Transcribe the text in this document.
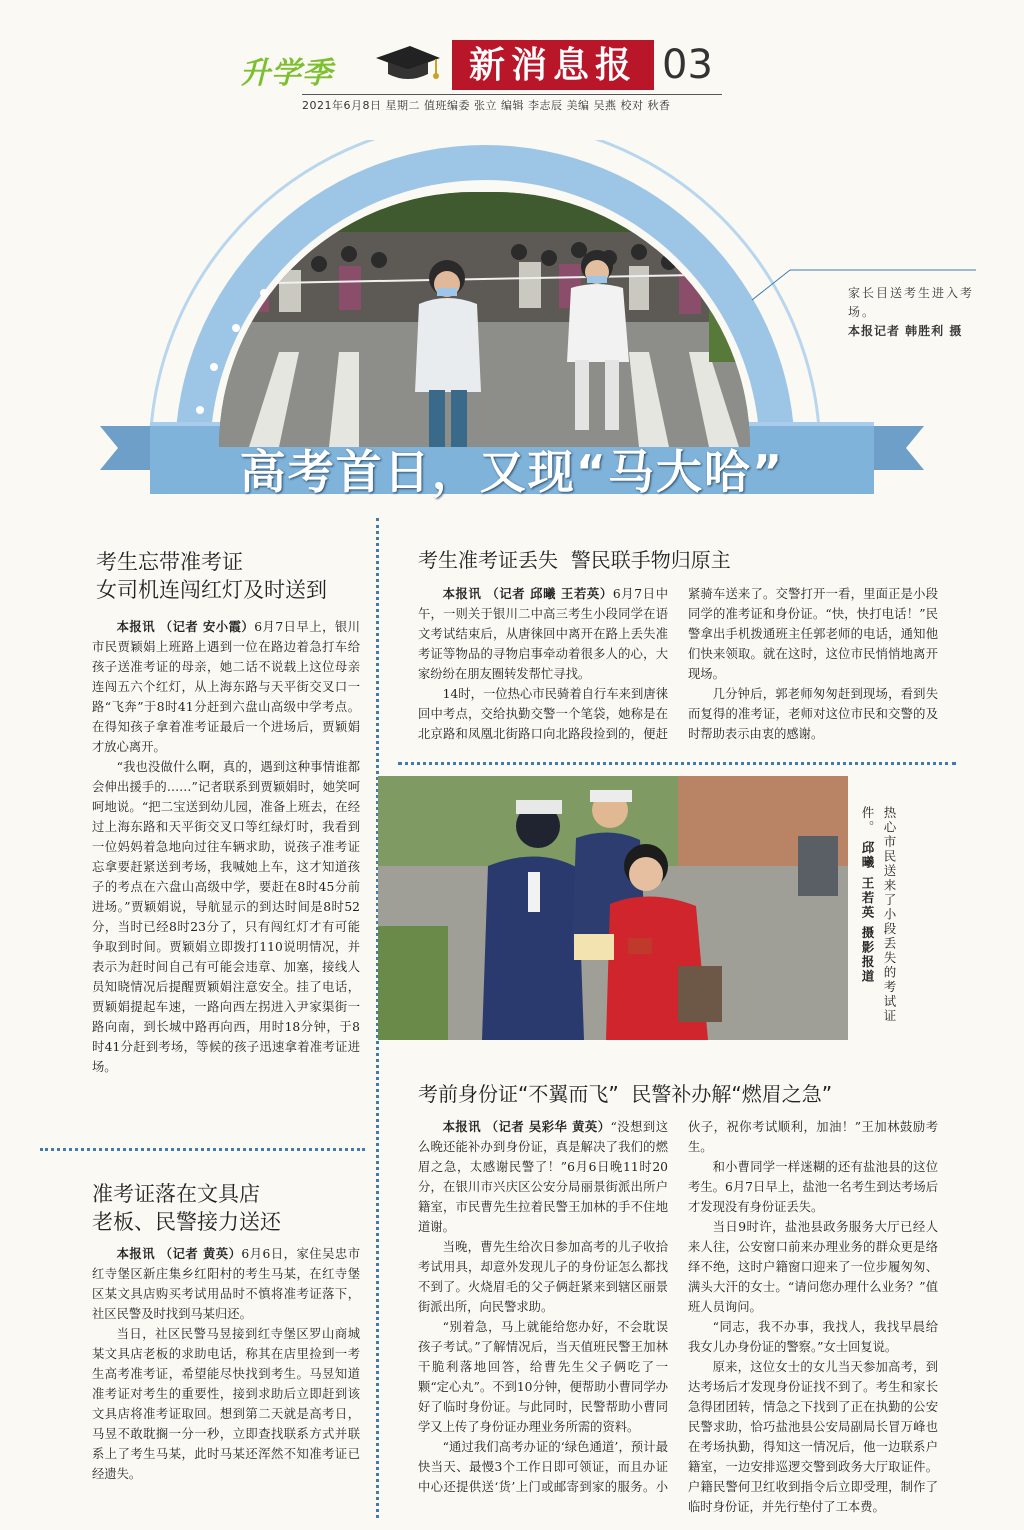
升学季	新消息报 03
2021年6月8日 星期二 值班编委 张立 编辑 李志辰 美编 吴燕 校对 秋香
高考首日，又现“马大哈”
家长目送考生进入考场。
本报记者 韩胜利 摄
考生忘带准考证
女司机连闯红灯及时送到

本报讯 （记者 安小霞）6月7日早上，银川市民贾颖娟上班路上遇到一位在路边着急打车给孩子送准考证的母亲，她二话不说载上这位母亲连闯五六个红灯，从上海东路与天平街交叉口一路“飞奔”于8时41分赶到六盘山高级中学考点。在得知孩子拿着准考证最后一个进场后，贾颖娟才放心离开。

“我也没做什么啊，真的，遇到这种事情谁都会伸出援手的……”记者联系到贾颖娟时，她笑呵呵地说。“把二宝送到幼儿园，准备上班去，在经过上海东路和天平街交叉口等红绿灯时，我看到一位妈妈着急地向过往车辆求助，说孩子准考证忘拿要赶紧送到考场，我喊她上车，这才知道孩子的考点在六盘山高级中学，要赶在8时45分前进场。”贾颖娟说，导航显示的到达时间是8时52分，当时已经8时23分了，只有闯红灯才有可能争取到时间。贾颖娟立即拨打110说明情况，并表示为赶时间自己有可能会违章、加塞，接线人员知晓情况后提醒贾颖娟注意安全。挂了电话，贾颖娟提起车速，一路向西左拐进入尹家渠街一路向南，到长城中路再向西，用时18分钟，于8时41分赶到考场，等候的孩子迅速拿着准考证进场。

准考证落在文具店
老板、民警接力送还

本报讯 （记者 黄英）6月6日，家住吴忠市红寺堡区新庄集乡红阳村的考生马某，在红寺堡区某文具店购买考试用品时不慎将准考证落下，社区民警及时找到马某归还。

当日，社区民警马昱接到红寺堡区罗山商城某文具店老板的求助电话，称其在店里捡到一考生高考准考证，希望能尽快找到考生。马昱知道准考证对考生的重要性，接到求助后立即赶到该文具店将准考证取回。想到第二天就是高考日，马昱不敢耽搁一分一秒，立即查找联系方式并联系上了考生马某，此时马某还浑然不知准考证已经遗失。

考生准考证丢失  警民联手物归原主

本报讯 （记者 邱曦 王若英）6月7日中午，一则关于银川二中高三考生小段同学在语文考试结束后，从唐徕回中离开在路上丢失准考证等物品的寻物启事牵动着很多人的心，大家纷纷在朋友圈转发帮忙寻找。

14时，一位热心市民骑着自行车来到唐徕回中考点，交给执勤交警一个笔袋，她称是在北京路和凤凰北街路口向北路段捡到的，便赶紧骑车送来了。交警打开一看，里面正是小段同学的准考证和身份证。“快，快打电话！”民警拿出手机拨通班主任郭老师的电话，通知他们快来领取。就在这时，这位市民悄悄地离开现场。

几分钟后，郭老师匆匆赶到现场，看到失而复得的准考证，老师对这位市民和交警的及时帮助表示由衷的感谢。

热心市民送来了小段丢失的考试证件。 邱曦 王若英 摄影报道
考前身份证“不翼而飞”  民警补办解“燃眉之急”

本报讯 （记者 吴彩华 黄英）“没想到这么晚还能补办到身份证，真是解决了我们的燃眉之急，太感谢民警了！”6月6日晚11时20分，在银川市兴庆区公安分局丽景街派出所户籍室，市民曹先生拉着民警王加林的手不住地道谢。

当晚，曹先生给次日参加高考的儿子收拾考试用具，却意外发现儿子的身份证怎么都找不到了。火烧眉毛的父子俩赶紧来到辖区丽景街派出所，向民警求助。

“别着急，马上就能给您办好，不会耽误孩子考试。”了解情况后，当天值班民警王加林干脆利落地回答，给曹先生父子俩吃了一颗“定心丸”。不到10分钟，便帮助小曹同学办好了临时身份证。与此同时，民警帮助小曹同学又上传了身份证办理业务所需的资料。

“通过我们高考办证的‘绿色通道’，预计最快当天、最慢3个工作日即可领证，而且办证中心还提供送‘货’上门或邮寄到家的服务。小伙子，祝你考试顺利，加油！”王加林鼓励考生。

和小曹同学一样迷糊的还有盐池县的这位考生。6月7日早上，盐池一名考生到达考场后才发现没有身份证丢失。

当日9时许，盐池县政务服务大厅已经人来人往，公安窗口前来办理业务的群众更是络绎不绝，这时户籍窗口迎来了一位步履匆匆、满头大汗的女士。“请问您办理什么业务？”值班人员询问。

“同志，我不办事，我找人，我找早晨给我女儿办身份证的警察。”女士回复说。

原来，这位女士的女儿当天参加高考，到达考场后才发现身份证找不到了。考生和家长急得团团转，情急之下找到了正在执勤的公安民警求助，恰巧盐池县公安局副局长冒万峰也在考场执勤，得知这一情况后，他一边联系户籍室，一边安排巡逻交警到政务大厅取证件。户籍民警何卫红收到指令后立即受理，制作了临时身份证，并先行垫付了工本费。
